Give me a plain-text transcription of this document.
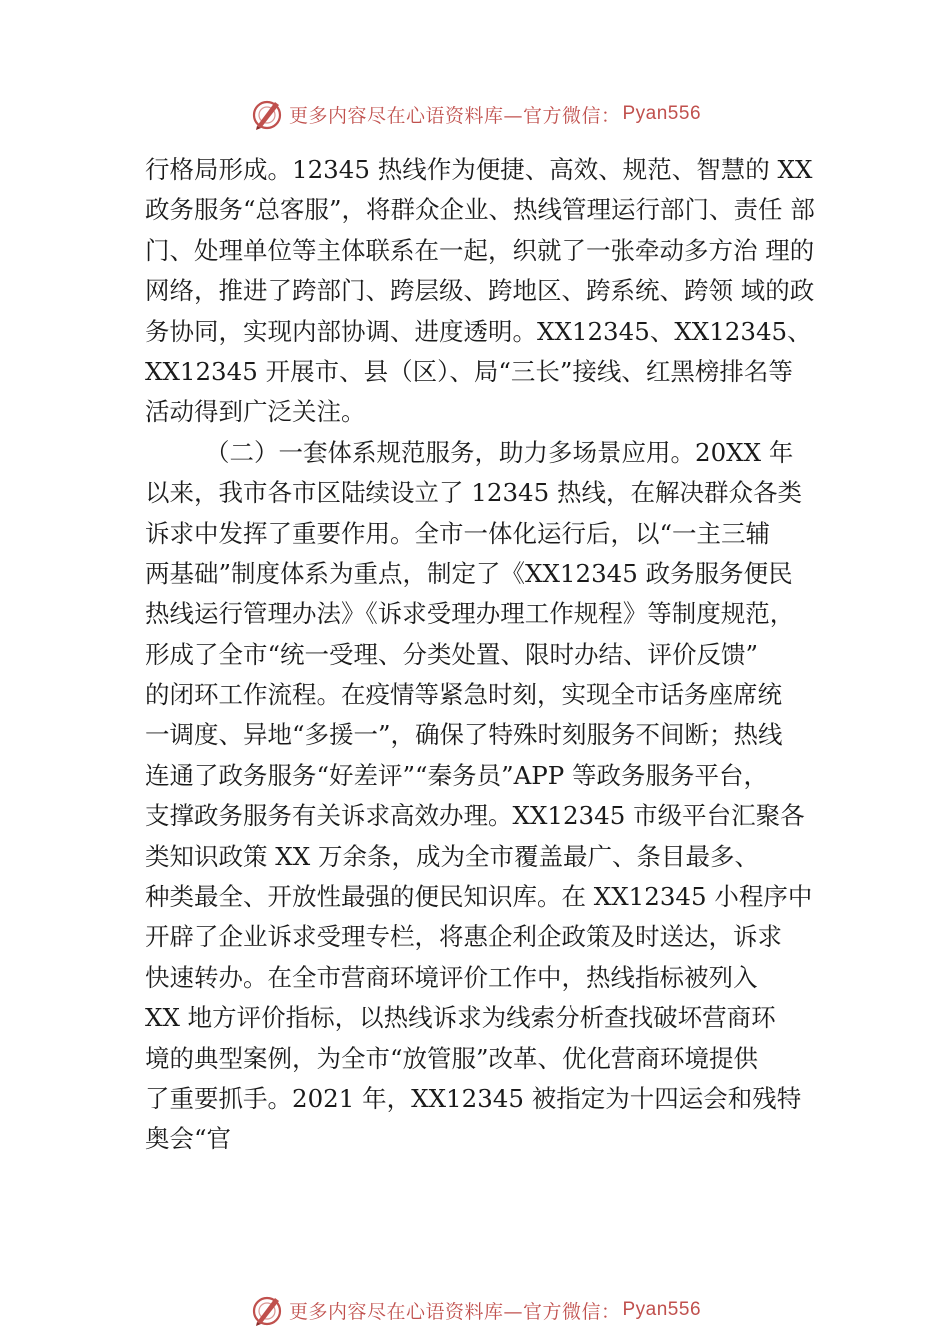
更多内容尽在心语资料库—官方微信： Pyan556
行格局形成。12345 热线作为便捷、高效、规范、智慧的 XX
政务服务“总客服”，将群众企业、热线管理运行部门、责任 部
门、处理单位等主体联系在一起，织就了一张牵动多方治 理的
网络，推进了跨部门、跨层级、跨地区、跨系统、跨领 域的政
务协同，实现内部协调、进度透明。XX12345、XX12345、
XX12345 开展市、县（区）、局“三长”接线、红黑榜排名等
活动得到广泛关注。
（二）一套体系规范服务，助力多场景应用。20XX 年
以来，我市各市区陆续设立了 12345 热线，在解决群众各类
诉求中发挥了重要作用。全市一体化运行后，以“一主三辅
两基础”制度体系为重点，制定了《XX12345 政务服务便民
热线运行管理办法》《诉求受理办理工作规程》等制度规范，
形成了全市“统一受理、分类处置、限时办结、评价反馈”
的闭环工作流程。在疫情等紧急时刻，实现全市话务座席统
一调度、异地“多援一”，确保了特殊时刻服务不间断；热线
连通了政务服务“好差评”“秦务员”APP 等政务服务平台，
支撑政务服务有关诉求高效办理。XX12345 市级平台汇聚各
类知识政策 XX 万余条，成为全市覆盖最广、条目最多、
种类最全、开放性最强的便民知识库。在 XX12345 小程序中
开辟了企业诉求受理专栏，将惠企利企政策及时送达，诉求
快速转办。在全市营商环境评价工作中，热线指标被列入
XX 地方评价指标，以热线诉求为线索分析查找破坏营商环
境的典型案例，为全市“放管服”改革、优化营商环境提供
了重要抓手。2021 年，XX12345 被指定为十四运会和残特
奥会“官
更多内容尽在心语资料库—官方微信： Pyan556
